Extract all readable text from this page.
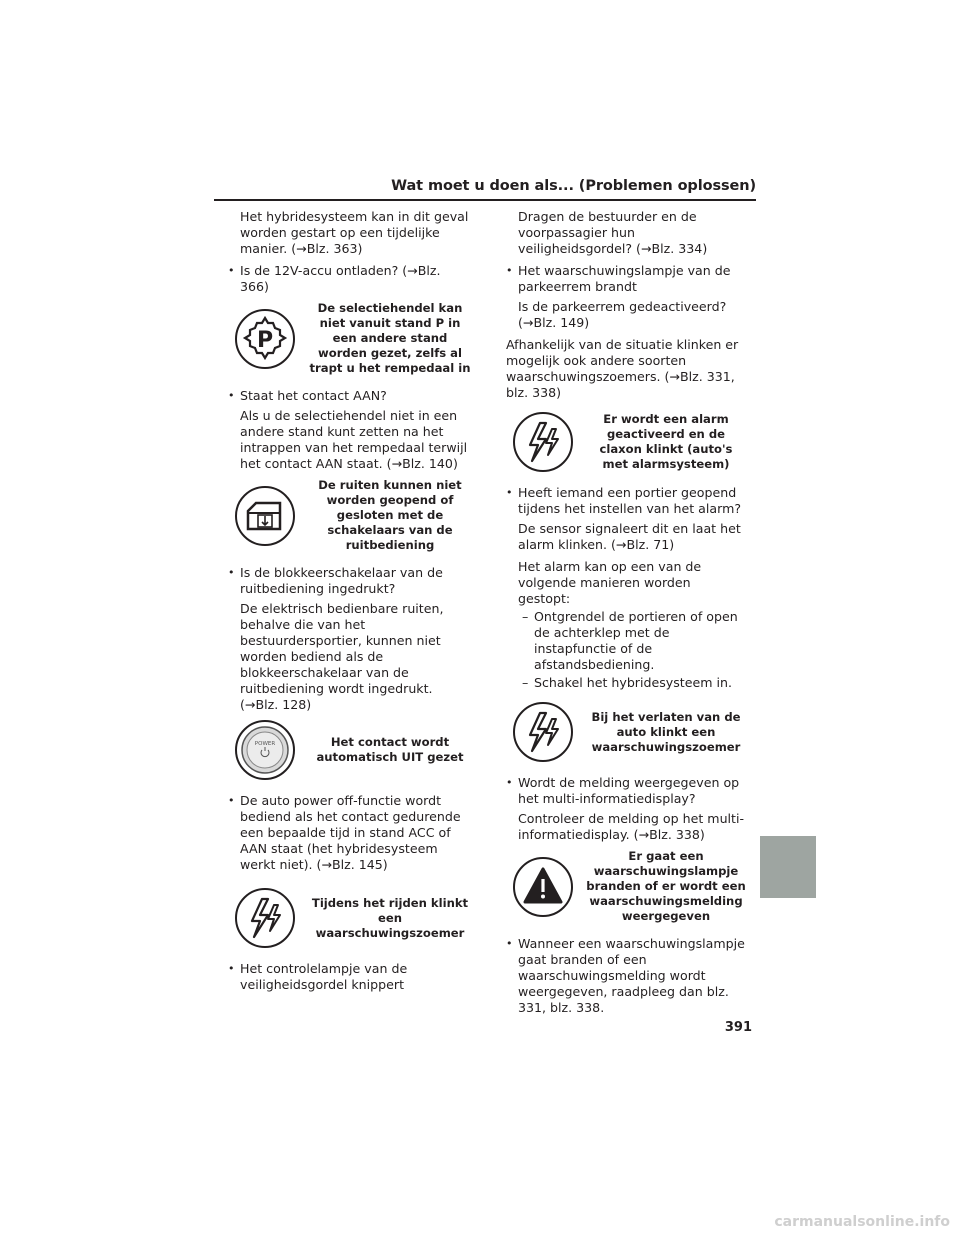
Wat moet u doen als... (Problemen oplossen)

Het hybridesysteem kan in dit geval worden gestart op een tijdelijke manier. (→Blz. 363)

• Is de 12V-accu ontladen? (→Blz. 366)
P
De selectiehendel kan niet vanuit stand P in een andere stand worden gezet, zelfs al trapt u het rempedaal in
• Staat het contact AAN?

Als u de selectiehendel niet in een andere stand kunt zetten na het intrappen van het rempedaal terwijl het contact AAN staat. (→Blz. 140)

De ruiten kunnen niet worden geopend of gesloten met de schakelaars van de ruitbediening
• Is de blokkeerschakelaar van de ruitbediening ingedrukt?

De elektrisch bedienbare ruiten, behalve die van het bestuurdersportier, kunnen niet worden bediend als de blokkeerschakelaar van de ruitbediening wordt ingedrukt. (→Blz. 128)

POWER	Het contact wordt automatisch UIT gezet
• De auto power off-functie wordt bediend als het contact gedurende een bepaalde tijd in stand ACC of AAN staat (het hybridesysteem werkt niet). (→Blz. 145)
Tijdens het rijden klinkt een waarschuwingszoemer
• Het controlelampje van de veiligheidsgordel knippert

Dragen de bestuurder en de voorpassagier hun veiligheidsgordel? (→Blz. 334)

• Het waarschuwingslampje van de parkeerrem brandt

Is de parkeerrem gedeactiveerd? (→Blz. 149)

Afhankelijk van de situatie klinken er mogelijk ook andere soorten waarschuwingszoemers. (→Blz. 331, blz. 338)

Er wordt een alarm geactiveerd en de claxon klinkt (auto's met alarmsysteem)
• Heeft iemand een portier geopend tijdens het instellen van het alarm?

De sensor signaleert dit en laat het alarm klinken. (→Blz. 71)

Het alarm kan op een van de volgende manieren worden gestopt:

– Ontgrendel de portieren of open de achterklep met de instapfunctie of de afstandsbediening.
– Schakel het hybridesysteem in.
Bij het verlaten van de auto klinkt een waarschuwingszoemer
• Wordt de melding weergegeven op het multi-informatiedisplay?

Controleer de melding op het multi-informatiedisplay. (→Blz. 338)

Er gaat een waarschuwingslampje branden of er wordt een waarschuwingsmelding weergegeven
• Wanneer een waarschuwingslampje gaat branden of een waarschuwingsmelding wordt weergegeven, raadpleeg dan blz. 331, blz. 338.
391
carmanualsonline.info
